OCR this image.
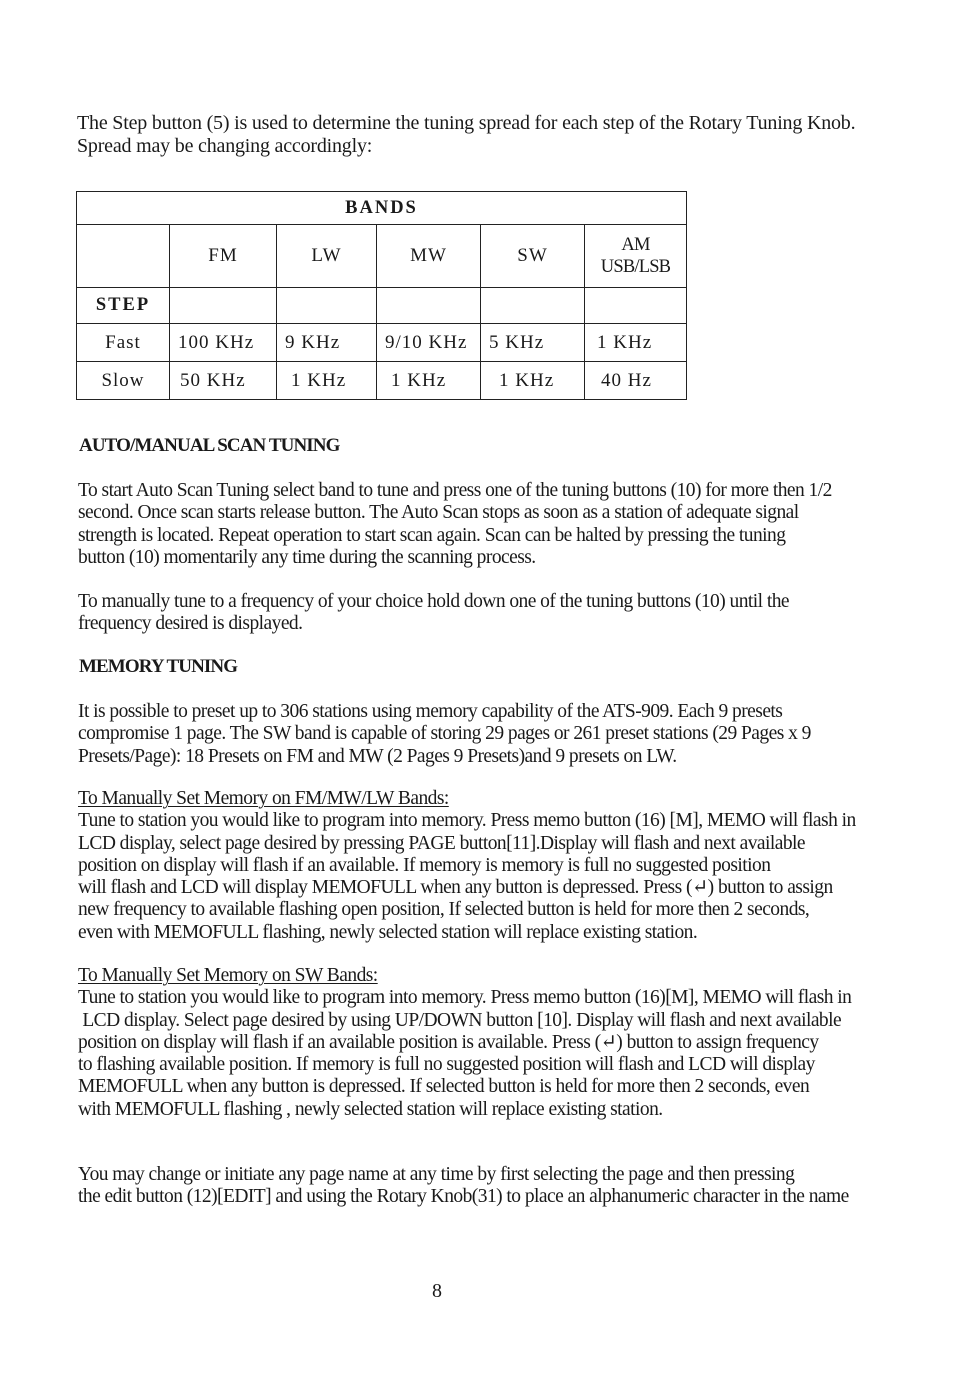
The Step button (5) is used to determine the tuning spread for each step of the Rotary Tuning Knob.
Spread may be changing accordingly:
BANDS					
	FM	LW	MW	SW	AM
USB/LSB

STEP					
Fast	100 KHz	9 KHz	9/10 KHz	5 KHz	1 KHz
Slow	50 KHz	1 KHz	1 KHz	1 KHz	40 Hz
AUTO/MANUAL SCAN TUNING
To start Auto Scan Tuning select band to tune and press one of the tuning buttons (10) for more then 1/2
second. Once scan starts release button. The Auto Scan stops as soon as a station of adequate signal
strength is located. Repeat operation to start scan again. Scan can be halted by pressing the tuning
button (10) momentarily any time during the scanning process.
To manually tune to a frequency of your choice hold down one of the tuning buttons (10) until the
frequency desired is displayed.
MEMORY TUNING
It is possible to preset up to 306 stations using memory capability of the ATS-909. Each 9 presets
compromise 1 page. The SW band is capable of storing 29 pages or 261 preset stations (29 Pages x 9
Presets/Page): 18 Presets on FM and MW (2 Pages 9 Presets)and 9 presets on LW.
To Manually Set Memory on FM/MW/LW Bands:
Tune to station you would like to program into memory. Press memo button (16) [M], MEMO will flash in
LCD display, select page desired by pressing PAGE button[11].Display will flash and next available
position on display will flash if an available. If memory is memory is full no suggested position
will flash and LCD will display MEMOFULL when any button is depressed. Press (↵) button to assign
new frequency to available flashing open position, If selected button is held for more then 2 seconds,
even with MEMOFULL flashing, newly selected station will replace existing station.
To Manually Set Memory on SW Bands:
Tune to station you would like to program into memory. Press memo button (16)[M], MEMO will flash in
LCD display. Select page desired by using UP/DOWN button [10]. Display will flash and next available
position on display will flash if an available position is available. Press (↵) button to assign frequency
to flashing available position. If memory is full no suggested position will flash and LCD will display
MEMOFULL when any button is depressed. If selected button is held for more then 2 seconds, even
with MEMOFULL flashing , newly selected station will replace existing station.
You may change or initiate any page name at any time by first selecting the page and then pressing
the edit button (12)[EDIT] and using the Rotary Knob(31) to place an alphanumeric character in the name
8
